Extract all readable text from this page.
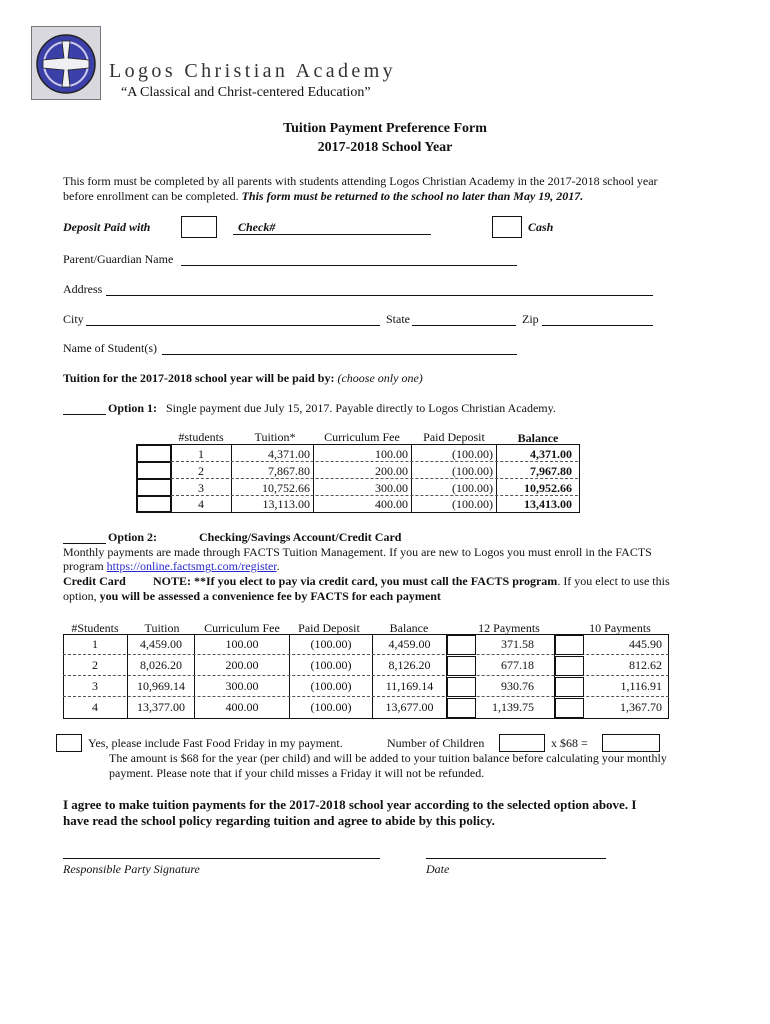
Logos Christian Academy
“A Classical and Christ-centered Education”
Tuition Payment Preference Form
2017-2018 School Year
This form must be completed by all parents with students attending Logos Christian Academy in the 2017-2018 school year
before enrollment can be completed. This form must be returned to the school no later than May 19, 2017.
Deposit Paid with	Check#	Cash
Parent/Guardian Name
Address
City	State	Zip
Name of Student(s)
Tuition for the 2017-2018 school year will be paid by: (choose only one)
Option 1: Single payment due July 15, 2017. Payable directly to Logos Christian Academy.
#students	Tuition*	Curriculum Fee	Paid Deposit	Balance
1	4,371.00	100.00	(100.00)	4,371.00
2	7,867.80	200.00	(100.00)	7,967.80
3	10,752.66	300.00	(100.00)	10,952.66
4	13,113.00	400.00	(100.00)	13,413.00
Option 2:	Checking/Savings Account/Credit Card
Monthly payments are made through FACTS Tuition Management. If you are new to Logos you must enroll in the FACTS
program https://online.factsmgt.com/register.
Credit Card NOTE: **If you elect to pay via credit card, you must call the FACTS program. If you elect to use this
option, you will be assessed a convenience fee by FACTS for each payment
#Students	Tuition	Curriculum Fee	Paid Deposit	Balance	12 Payments	10 Payments
1	4,459.00	100.00	(100.00)	4,459.00	371.58	445.90
2	8,026.20	200.00	(100.00)	8,126.20	677.18	812.62
3	10,969.14	300.00	(100.00)	11,169.14	930.76	1,116.91
4	13,377.00	400.00	(100.00)	13,677.00	1,139.75	1,367.70
Yes, please include Fast Food Friday in my payment.	Number of Children	x $68 =
The amount is $68 for the year (per child) and will be added to your tuition balance before calculating your monthly
payment. Please note that if your child misses a Friday it will not be refunded.
I agree to make tuition payments for the 2017-2018 school year according to the selected option above. I
have read the school policy regarding tuition and agree to abide by this policy.
Responsible Party Signature	Date
